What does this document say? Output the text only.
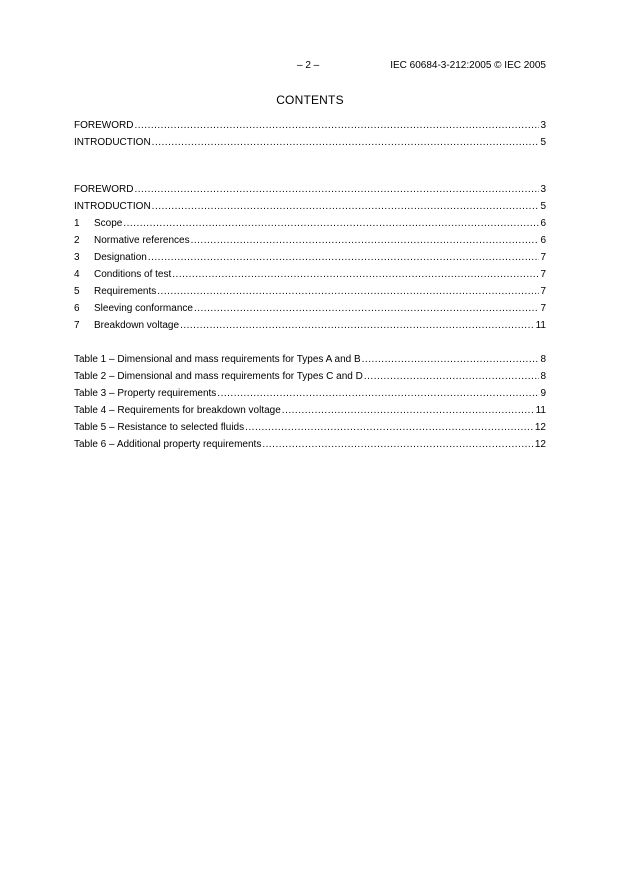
– 2 –	IEC 60684-3-212:2005 © IEC 2005
CONTENTS
FOREWORD .....	3
INTRODUCTION .....	5
FOREWORD .....	3
INTRODUCTION .....	5
1	Scope .....	6
2	Normative references .....	6
3	Designation .....	7
4	Conditions of test .....	7
5	Requirements .....	7
6	Sleeving conformance .....	7
7	Breakdown voltage .....	11
Table 1 – Dimensional and mass requirements for Types A and B .....	8
Table 2 – Dimensional and mass requirements for Types C and D .....	8
Table 3 – Property requirements .....	9
Table 4 – Requirements for breakdown voltage .....	11
Table 5 – Resistance to selected fluids .....	12
Table 6 – Additional property requirements .....	12
